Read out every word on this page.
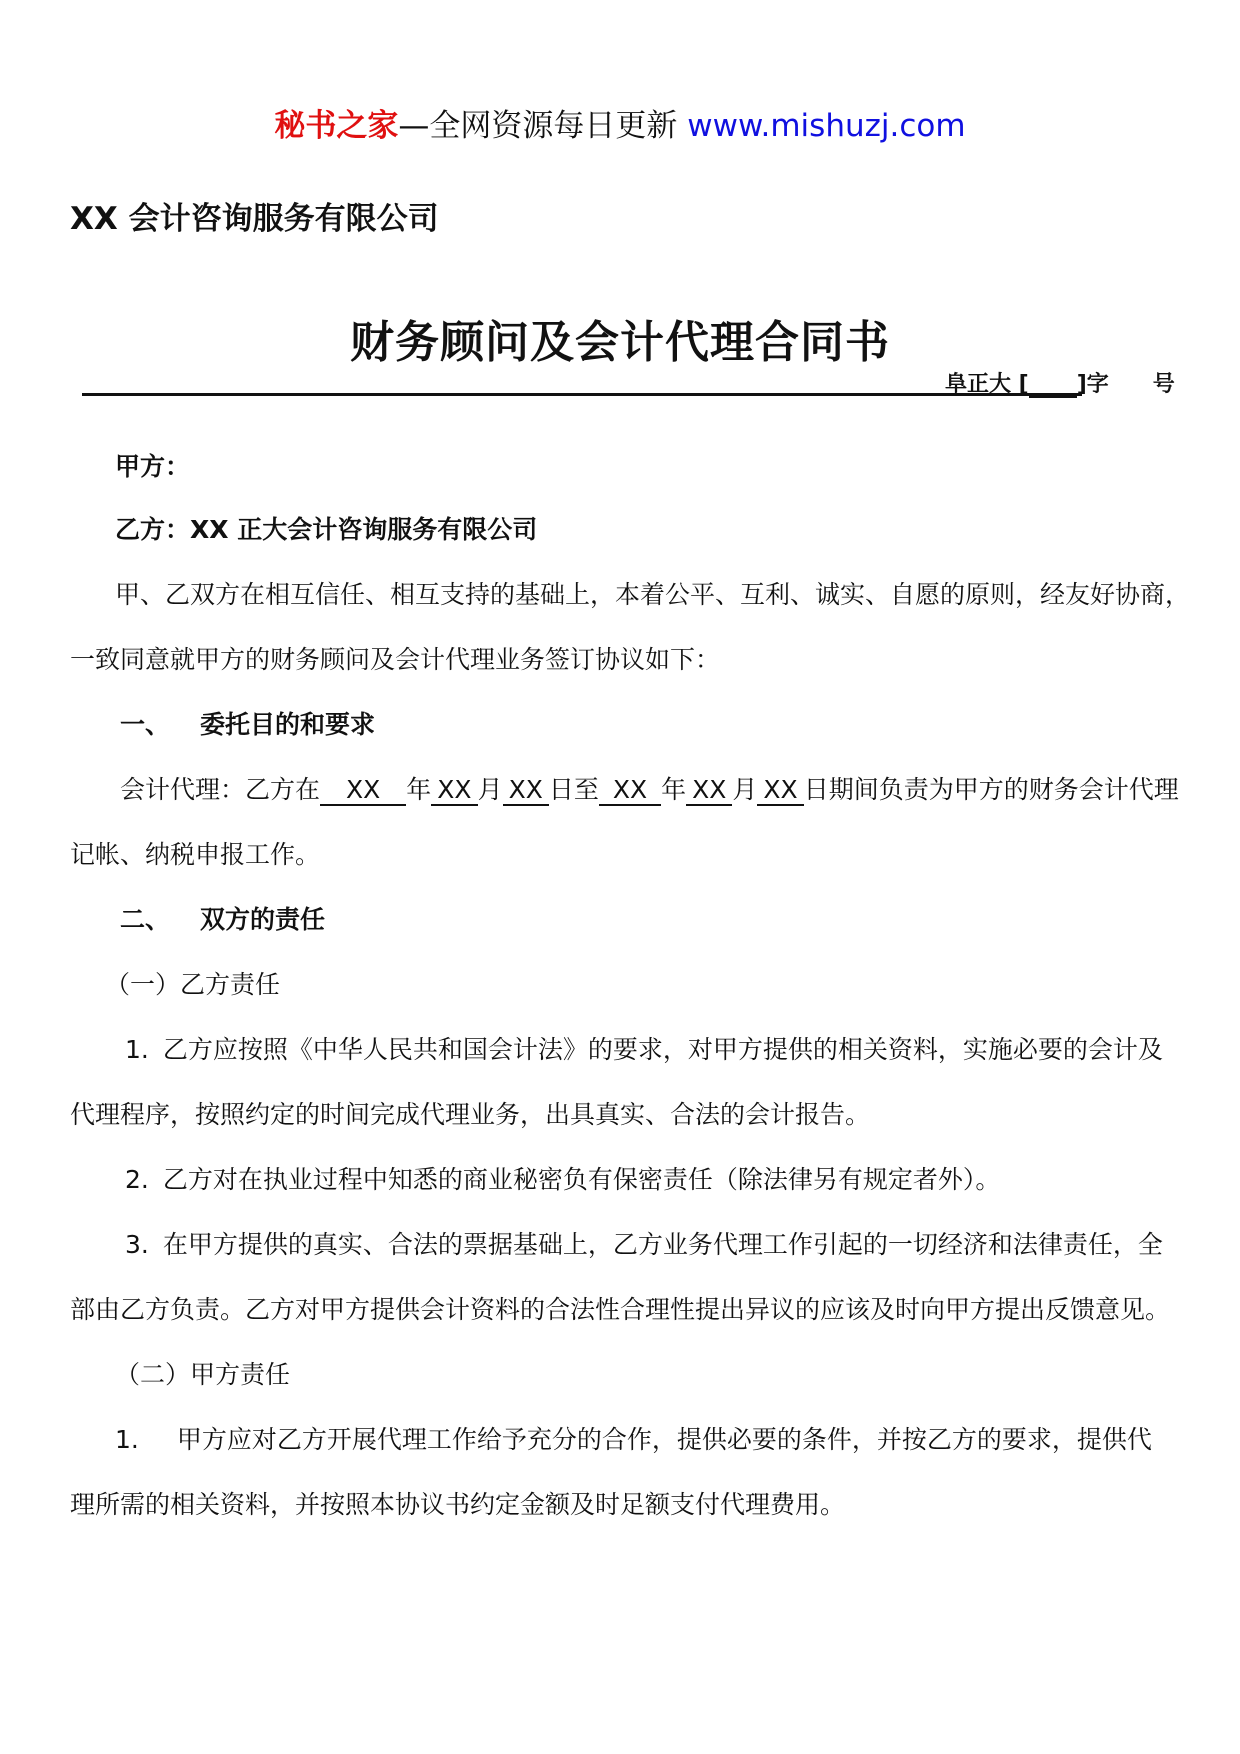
秘书之家—全网资源每日更新 www.mishuzj.com
XX 会计咨询服务有限公司
财务顾问及会计代理合同书
阜正大 [ ]字 号
甲方：
乙方：XX 正大会计咨询服务有限公司
甲、乙双方在相互信任、相互支持的基础上，本着公平、互利、诚实、自愿的原则，经友好协商，
一致同意就甲方的财务顾问及会计代理业务签订协议如下：
一、 委托目的和要求
会计代理：乙方在 XX 年 XX 月 XX 日至 XX 年 XX 月 XX 日期间负责为甲方的财务会计代理
记帐、纳税申报工作。
二、 双方的责任
（一）乙方责任
1. 乙方应按照《中华人民共和国会计法》的要求，对甲方提供的相关资料，实施必要的会计及
代理程序，按照约定的时间完成代理业务，出具真实、合法的会计报告。
2. 乙方对在执业过程中知悉的商业秘密负有保密责任（除法律另有规定者外）。
3. 在甲方提供的真实、合法的票据基础上，乙方业务代理工作引起的一切经济和法律责任，全
部由乙方负责。乙方对甲方提供会计资料的合法性合理性提出异议的应该及时向甲方提出反馈意见。
（二）甲方责任
1. 甲方应对乙方开展代理工作给予充分的合作，提供必要的条件，并按乙方的要求，提供代
理所需的相关资料，并按照本协议书约定金额及时足额支付代理费用。
